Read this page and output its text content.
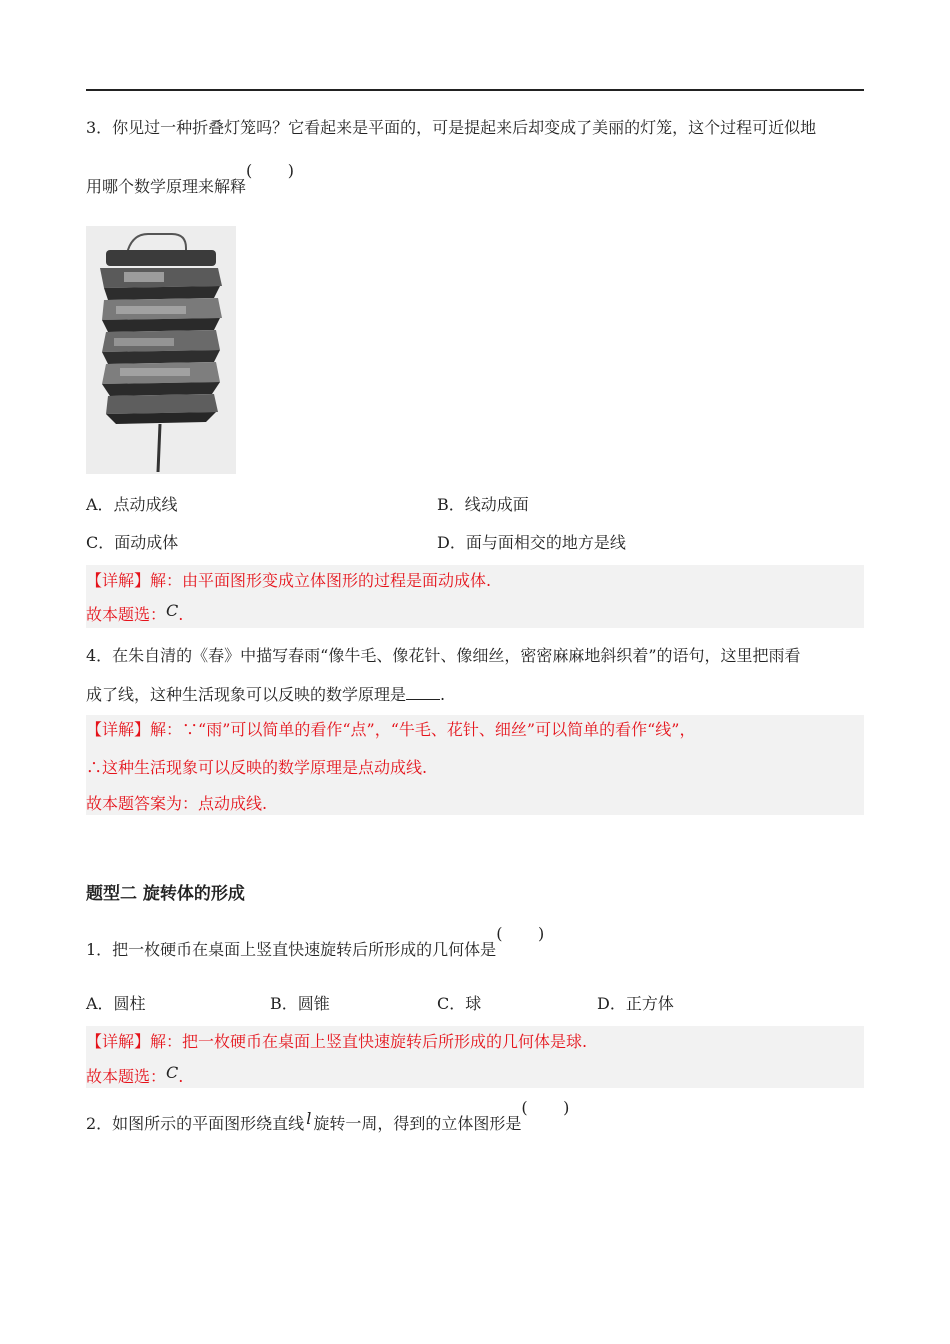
3．你见过一种折叠灯笼吗？它看起来是平面的，可是提起来后却变成了美丽的灯笼，这个过程可近似地
用哪个数学原理来解释
( )
A．点动成线	B．线动成面
C．面动成体	D．面与面相交的地方是线
【详解】解：由平面图形变成立体图形的过程是面动成体.
故本题选：C.
4．在朱自清的《春》中描写春雨“像牛毛、像花针、像细丝，密密麻麻地斜织着”的语句，这里把雨看
成了线，这种生活现象可以反映的数学原理是 .
【详解】解：∵“雨”可以简单的看作“点”，“牛毛、花针、细丝”可以简单的看作“线”，
∴这种生活现象可以反映的数学原理是点动成线.
故本题答案为：点动成线.
题型二 旋转体的形成
1．把一枚硬币在桌面上竖直快速旋转后所形成的几何体是
( )
A．圆柱	B．圆锥	C．球	D．正方体
【详解】解：把一枚硬币在桌面上竖直快速旋转后所形成的几何体是球.
故本题选：C.
2．如图所示的平面图形绕直线 l 旋转一周，得到的立体图形是
( )
